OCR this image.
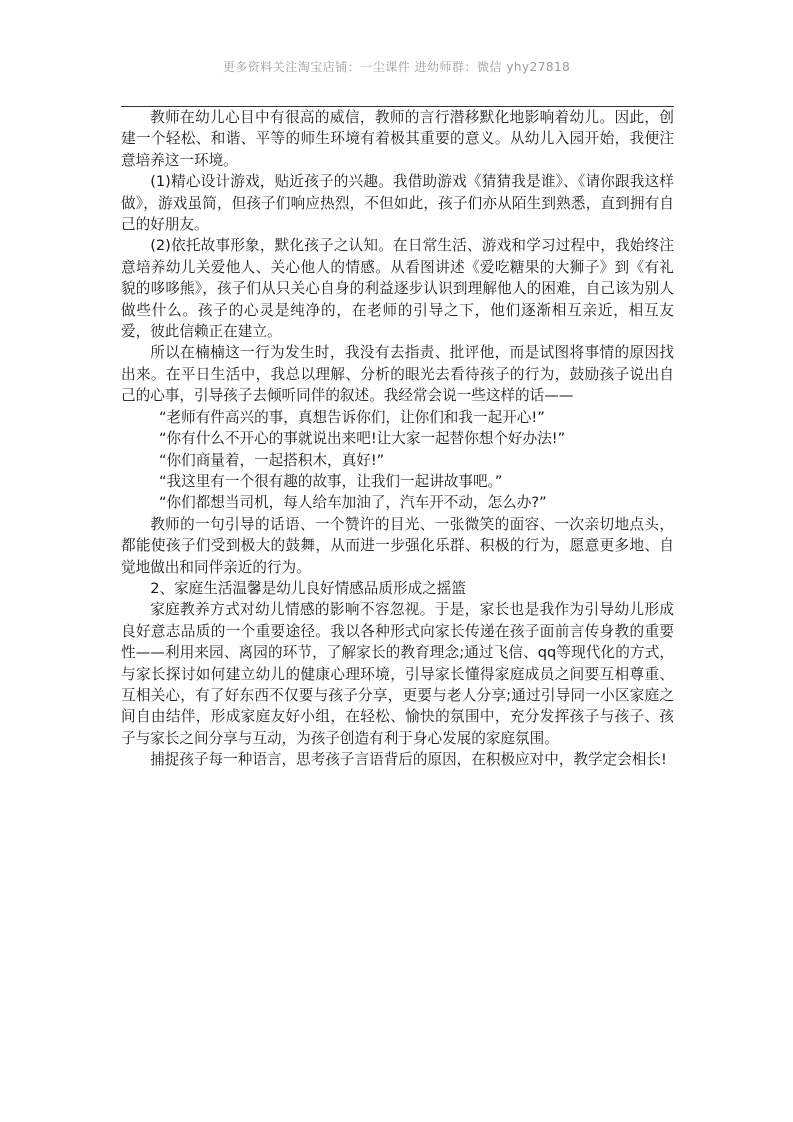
更多资料关注淘宝店铺：一尘课件 进幼师群：微信 yhy27818

教师在幼儿心目中有很高的威信，教师的言行潜移默化地影响着幼儿。因此，创建一个轻松、和谐、平等的师生环境有着极其重要的意义。从幼儿入园开始，我便注意培养这一环境。

(1)精心设计游戏，贴近孩子的兴趣。我借助游戏《猜猜我是谁》、《请你跟我这样做》，游戏虽简，但孩子们响应热烈，不但如此，孩子们亦从陌生到熟悉，直到拥有自己的好朋友。

(2)依托故事形象，默化孩子之认知。在日常生活、游戏和学习过程中，我始终注意培养幼儿关爱他人、关心他人的情感。从看图讲述《爱吃糖果的大狮子》到《有礼貌的哆哆熊》，孩子们从只关心自身的利益逐步认识到理解他人的困难，自己该为别人做些什么。孩子的心灵是纯净的，在老师的引导之下，他们逐渐相互亲近，相互友爱，彼此信赖正在建立。

所以在楠楠这一行为发生时，我没有去指责、批评他，而是试图将事情的原因找出来。在平日生活中，我总以理解、分析的眼光去看待孩子的行为，鼓励孩子说出自己的心事，引导孩子去倾听同伴的叙述。我经常会说一些这样的话——

“老师有件高兴的事，真想告诉你们，让你们和我一起开心!”

“你有什么不开心的事就说出来吧!让大家一起替你想个好办法!”

“你们商量着，一起搭积木，真好!”

“我这里有一个很有趣的故事，让我们一起讲故事吧。”

“你们都想当司机，每人给车加油了，汽车开不动，怎么办?”

教师的一句引导的话语、一个赞许的目光、一张微笑的面容、一次亲切地点头，都能使孩子们受到极大的鼓舞，从而进一步强化乐群、积极的行为，愿意更多地、自觉地做出和同伴亲近的行为。

2、家庭生活温馨是幼儿良好情感品质形成之摇篮

家庭教养方式对幼儿情感的影响不容忽视。于是，家长也是我作为引导幼儿形成良好意志品质的一个重要途径。我以各种形式向家长传递在孩子面前言传身教的重要性——利用来园、离园的环节，了解家长的教育理念;通过飞信、qq等现代化的方式，与家长探讨如何建立幼儿的健康心理环境，引导家长懂得家庭成员之间要互相尊重、互相关心，有了好东西不仅要与孩子分享，更要与老人分享;通过引导同一小区家庭之间自由结伴，形成家庭友好小组，在轻松、愉快的氛围中，充分发挥孩子与孩子、孩子与家长之间分享与互动，为孩子创造有利于身心发展的家庭氛围。

捕捉孩子每一种语言，思考孩子言语背后的原因，在积极应对中，教学定会相长!
